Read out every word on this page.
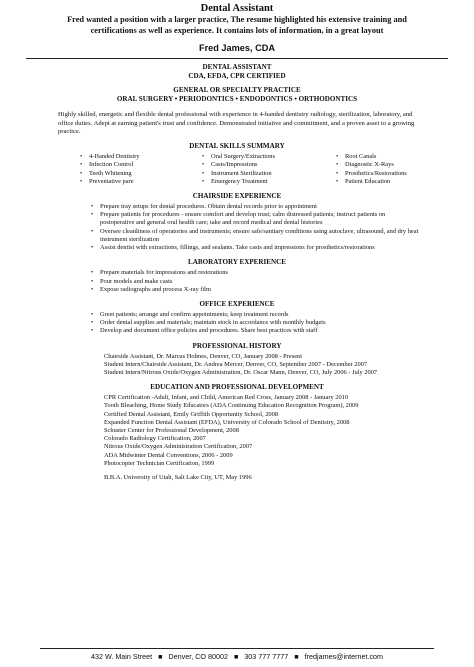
Dental Assistant
Fred wanted a position with a larger practice, The resume highlighted his extensive training and
certifications as well as experience. It contains lots of information, in a great layout
Fred James, CDA
DENTAL ASSISTANT
CDA, EFDA, CPR CERTIFIED
GENERAL OR SPECIALTY PRACTICE
ORAL SURGERY • PERIODONTICS • ENDODONTICS • ORTHODONTICS

Highly skilled, energetic and flexible dental professional with experience in 4-handed dentistry radiology, sterilization, laboratory, and office duties. Adept at earning patient's trust and confidence. Demonstrated initiative and commitment, and a proven asset to a growing practice.

DENTAL SKILLS SUMMARY
• 4-Handed Dentistry
• Infection Control
• Teeth Whitening
• Preventative pare
• Oral Surgery/Extractions
• Casts/Impressions
• Instrument Sterilization
• Emergency Treatment
• Root Canals
• Diagnostic X-Rays
• Prosthetics/Restorations
• Patient Education
CHAIRSIDE EXPERIENCE
• Prepare tray setups for dental procedures. Obtain dental records prior to appointment
• Prepare patients for procedures - ensure comfort and develop trust; calm distressed patients; instruct patients on postoperative and general oral health care; take and record medical and dental histories
• Oversee cleanliness of operatories and instruments; ensure safe/sanitary conditions using autoclave, ultrasound, and dry heat instrument sterilization
• Assist dentist with extractions, fillings, and sealants. Take casts and impressions for prosthetics/restorations
LABORATORY EXPERIENCE
• Prepare materials for impressions and restorations
• Pour models and make casts
• Expose radiographs and process X-ray film
OFFICE EXPERIENCE
• Greet patients; arrange and confirm appointments; keep treatment records
• Order dental supplies and materials; maintain stock in accordance with monthly budgets
• Develop and document office policies and procedures. Share best practices with staff
PROFESSIONAL HISTORY
Chairside Assistant, Dr. Marcus Holmes, Denver, CO, January 2008 - Present
Student Intern/Chairside Assistant, Dr. Andrea Mercer, Denver, CO, September 2007 - December 2007
Student Intern/Nitrous Oxide/Oxygen Administration, Dr. Oscar Mann, Denver, CO, July 2006 - July 2007
EDUCATION AND PROFESSIONAL DEVELOPMENT
CPR Certification -Adult, Infant, and Child, American Red Cross, January 2008 - January 2010
Tooth Bleaching, Home Study Educators (ADA Continuing Education Recognition Program), 2009
Certified Dental Assistant, Emily Griffith Opportunity School, 2008
Expanded Function Dental Assistant (EFDA), University of Colorado School of Dentistry, 2008
Schuster Center for Professional Development, 2008
Colorado Radiology Certification, 2007
Nitrous Oxide/Oxygen Administration Certification, 2007
ADA Midwinter Dental Conventions, 2006 - 2009
Photocopier Technician Certification, 1999
B.B.A. University of Utah, Salt Lake City, UT, May 1996
432 W. Main Street ■ Denver, CO 80002 ■ 303 777 7777 ■ fredjames@internet.com
